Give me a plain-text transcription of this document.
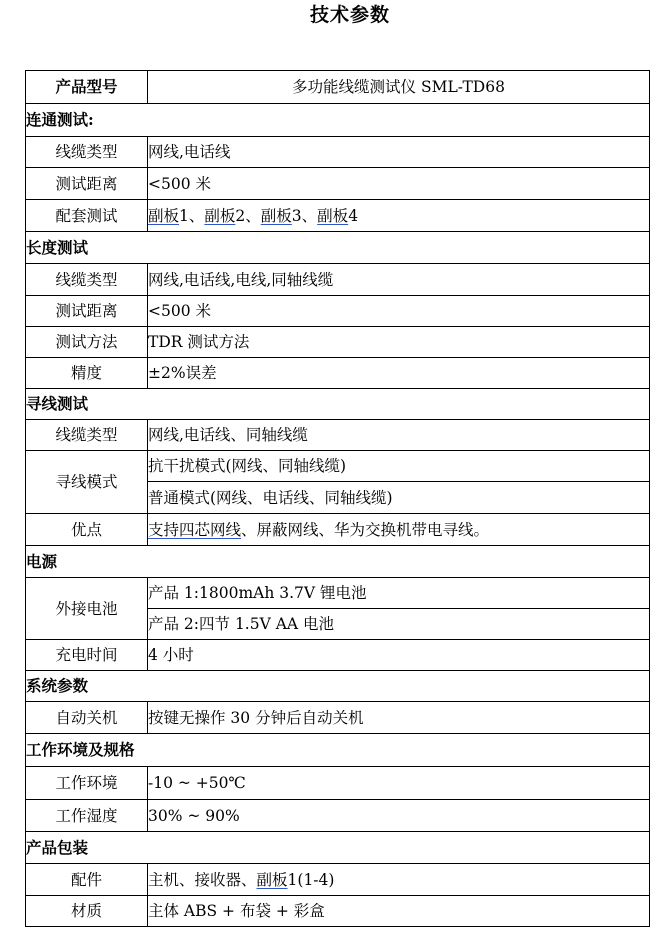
技术参数
产品型号	多功能线缆测试仪 SML-TD68
连通测试:	
线缆类型	网线,电话线
测试距离	<500 米
配套测试	副板1、副板2、副板3、副板4
长度测试	
线缆类型	网线,电话线,电线,同轴线缆
测试距离	<500 米
测试方法	TDR 测试方法
精度	±2%误差
寻线测试	
线缆类型	网线,电话线、同轴线缆
寻线模式	抗干扰模式(网线、同轴线缆)
	普通模式(网线、电话线、同轴线缆)
优点	支持四芯网线、屏蔽网线、华为交换机带电寻线。
电源	
外接电池	产品 1:1800mAh 3.7V 锂电池
	产品 2:四节 1.5V AA 电池
充电时间	4 小时
系统参数	
自动关机	按键无操作 30 分钟后自动关机
工作环境及规格	
工作环境	-10 ~ +50℃
工作湿度	30% ~ 90%
产品包装	
配件	主机、接收器、副板1(1-4)
材质	主体 ABS + 布袋 + 彩盒
